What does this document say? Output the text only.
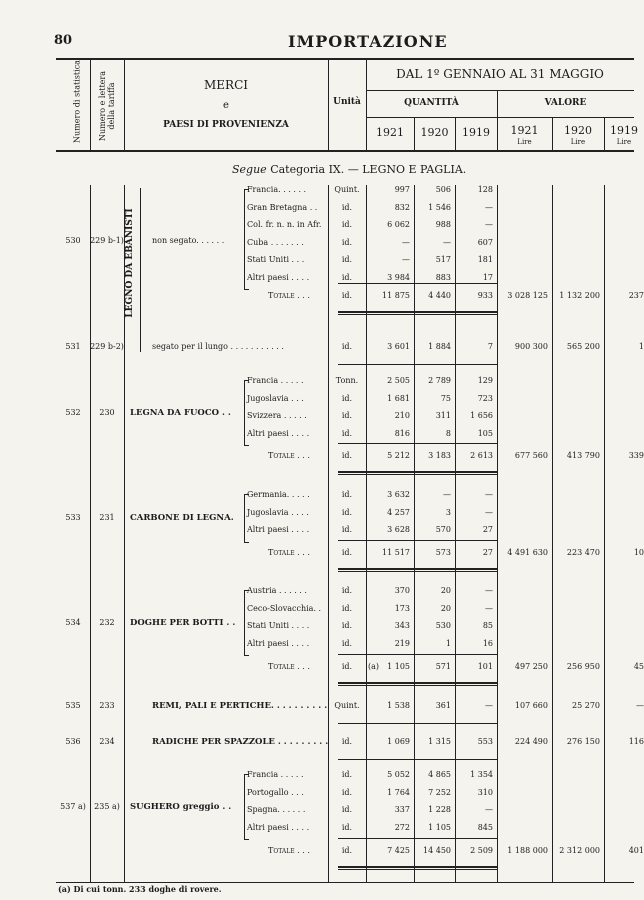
80	IMPORTAZIONE
Numero di statistica Numero e lettera della tariffa	MERCI
e
PAESI DI PROVENIENZA
Unità
DAL 1º GENNAIO AL 31 MAGGIO
QUANTITÀ	VALORE
1921	1920	1919	1921	1920	1919
Lire	Lire	Lire
Segue Categoria IX. — LEGNO E PAGLIA.
LEGNO DA EBANISTI
530	229 b-1)	non segato. . . . . .
Francia. . . . . .	Quint.	997	506	128
Gran Bretagna . .	id.	832	1 546	—
Col. fr. n. n. in Afr.	id.	6 062	988	—
Cuba . . . . . . .	id.	—	—	607
Stati Uniti . . .	id.	—	517	181
Altri paesi . . . .	id.	3 984	883	17
Totale . . .	id.	11 875	4 440	933	3 028 125	1 132 200	237
531	229 b-2)	segato per il lungo . . . . . . . . . . .	id.	3 601	1 884	7	900 300	565 200	1
532	230	LEGNA DA FUOCO . .
Francia . . . . .	Tonn.	2 505	2 789	129
Jugoslavia . . .	id.	1 681	75	723
Svizzera . . . . .	id.	210	311	1 656
Altri paesi . . . .	id.	816	8	105
Totale . . .	id.	5 212	3 183	2 613	677 560	413 790	339
533	231	CARBONE DI LEGNA.
Germania. . . . .	id.	3 632	—	—
Jugoslavia . . . .	id.	4 257	3	—
Altri paesi . . . .	id.	3 628	570	27
Totale . . .	id.	11 517	573	27	4 491 630	223 470	10
534	232	DOGHE PER BOTTI . .
Austria . . . . . .	id.	370	20	—
Ceco-Slovacchia. .	id.	173	20	—
Stati Uniti . . . .	id.	343	530	85
Altri paesi . . . .	id.	219	1	16
Totale . . .	id.	(a)	1 105	571	101	497 250	256 950	45
535	233	REMI, PALI E PERTICHE. . . . . . . . . . Quint.	1 538	361	—	107 660	25 270	—
536	234	RADICHE PER SPAZZOLE . . . . . . . . .	id.	1 069	1 315	553	224 490	276 150	116
537 a)	235 a)	SUGHERO greggio . .
Francia . . . . .	id.	5 052	4 865	1 354
Portogallo . . .	id.	1 764	7 252	310
Spagna. . . . . .	id.	337	1 228	—
Altri paesi . . . .	id.	272	1 105	845
Totale . . .	id.	7 425	14 450	2 509	1 188 000	2 312 000	401
(a) Di cui tonn. 233 doghe di rovere.
